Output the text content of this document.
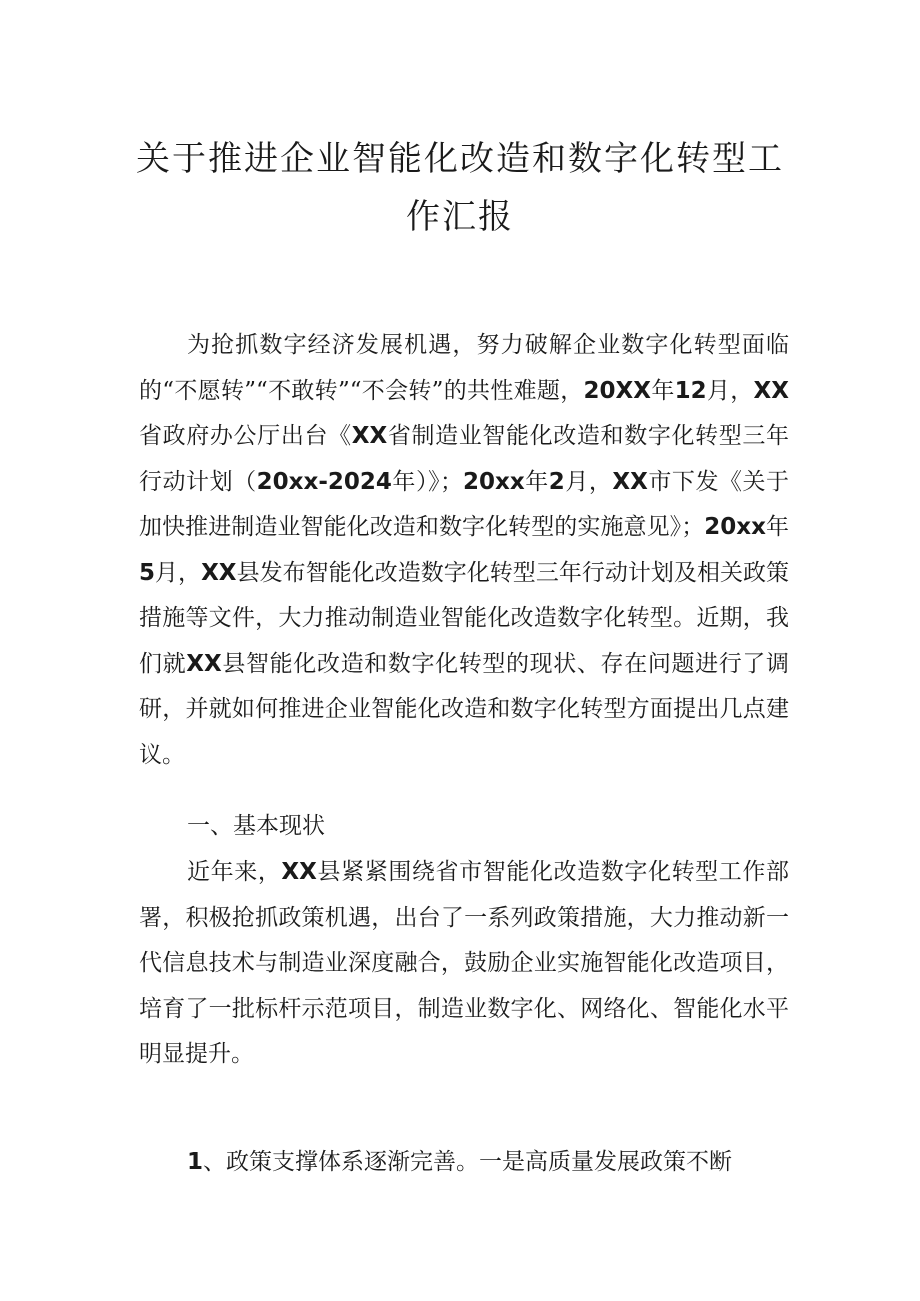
关于推进企业智能化改造和数字化转型工
作汇报

为抢抓数字经济发展机遇，努力破解企业数字化转型面临的“不愿转”“不敢转”“不会转”的共性难题，20XX年12月，XX省政府办公厅出台《XX省制造业智能化改造和数字化转型三年行动计划（20xx-2024年）》；20xx年2月，XX市下发《关于加快推进制造业智能化改造和数字化转型的实施意见》；20xx年5月，XX县发布智能化改造数字化转型三年行动计划及相关政策措施等文件，大力推动制造业智能化改造数字化转型。近期，我们就XX县智能化改造和数字化转型的现状、存在问题进行了调研，并就如何推进企业智能化改造和数字化转型方面提出几点建议。

一、基本现状

近年来，XX县紧紧围绕省市智能化改造数字化转型工作部署，积极抢抓政策机遇，出台了一系列政策措施，大力推动新一代信息技术与制造业深度融合，鼓励企业实施智能化改造项目，培育了一批标杆示范项目，制造业数字化、网络化、智能化水平明显提升。

1、政策支撑体系逐渐完善。一是高质量发展政策不断
